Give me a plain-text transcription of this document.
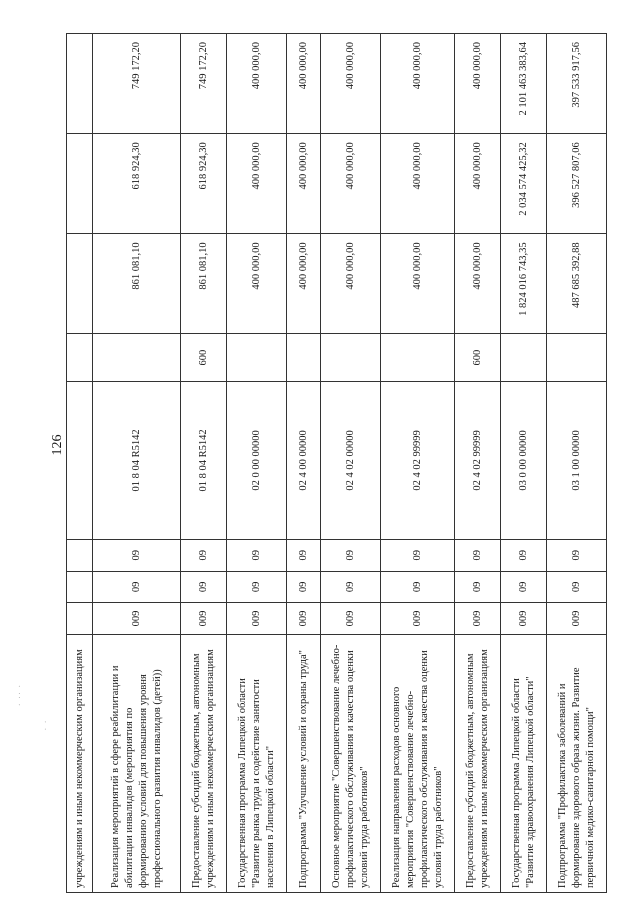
126
· ·· ·
· · учреждениям и иным некоммерческим организациям								
Реализация мероприятий в сфере реабилитации и абилитации инвалидов (мероприятия по формированию условий для повышения уровня профессионального развития инвалидов (детей))	009	09	09	01 8 04 R5142		861 081,10	618 924,30	749 172,20
Предоставление субсидий бюджетным, автономным учреждениям и иным некоммерческим организациям	009	09	09	01 8 04 R5142	600	861 081,10	618 924,30	749 172,20
Государственная программа Липецкой области "Развитие рынка труда и содействие занятости населения в Липецкой области"	009	09	09	02 0 00 00000		400 000,00	400 000,00	400 000,00
Подпрограмма "Улучшение условий и охраны труда"	009	09	09	02 4 00 00000		400 000,00	400 000,00	400 000,00
Основное мероприятие "Совершенствование лечебно-профилактического обслуживания и качества оценки условий труда работников"	009	09	09	02 4 02 00000		400 000,00	400 000,00	400 000,00
Реализация направления расходов основного мероприятия "Совершенствование лечебно-профилактического обслуживания и качества оценки условий труда работников"	009	09	09	02 4 02 99999		400 000,00	400 000,00	400 000,00
Предоставление субсидий бюджетным, автономным учреждениям и иным некоммерческим организациям	009	09	09	02 4 02 99999	600	400 000,00	400 000,00	400 000,00
Государственная программа Липецкой области "Развитие здравоохранения Липецкой области"	009	09	09	03 0 00 00000		1 824 016 743,35	2 034 574 425,32	2 101 463 383,64
Подпрограмма "Профилактика заболеваний и формирование здорового образа жизни. Развитие первичной медико-санитарной помощи"	009	09	09	03 1 00 00000		487 685 392,88	396 527 807,06	397 533 917,56
